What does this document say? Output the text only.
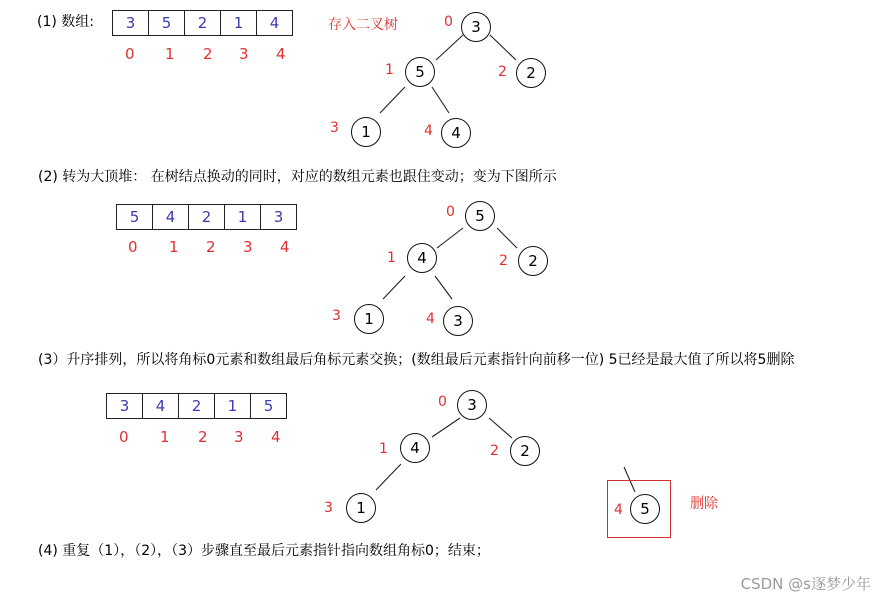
(1) 数组:	3	5	2	1	4
0 1 2 3 4
存入二叉树	0	3
1	5	2	2
3	1	4	4
(2) 转为大顶堆： 在树结点换动的同时，对应的数组元素也跟住变动；变为下图所示
5	4	2	1	3
0 1 2 3 4
0	5
1	4	2	2
3	1	4	3
(3）升序排列，所以将角标0元素和数组最后角标元素交换；(数组最后元素指针向前移一位) 5已经是最大值了所以将5删除
3	4	2	1	5
0 1 2 3 4
0	3
1	4	2	2
3	1	4	5	删除
(4) 重复（1），（2），（3）步骤直至最后元素指针指向数组角标0；结束；
CSDN @s逐梦少年
